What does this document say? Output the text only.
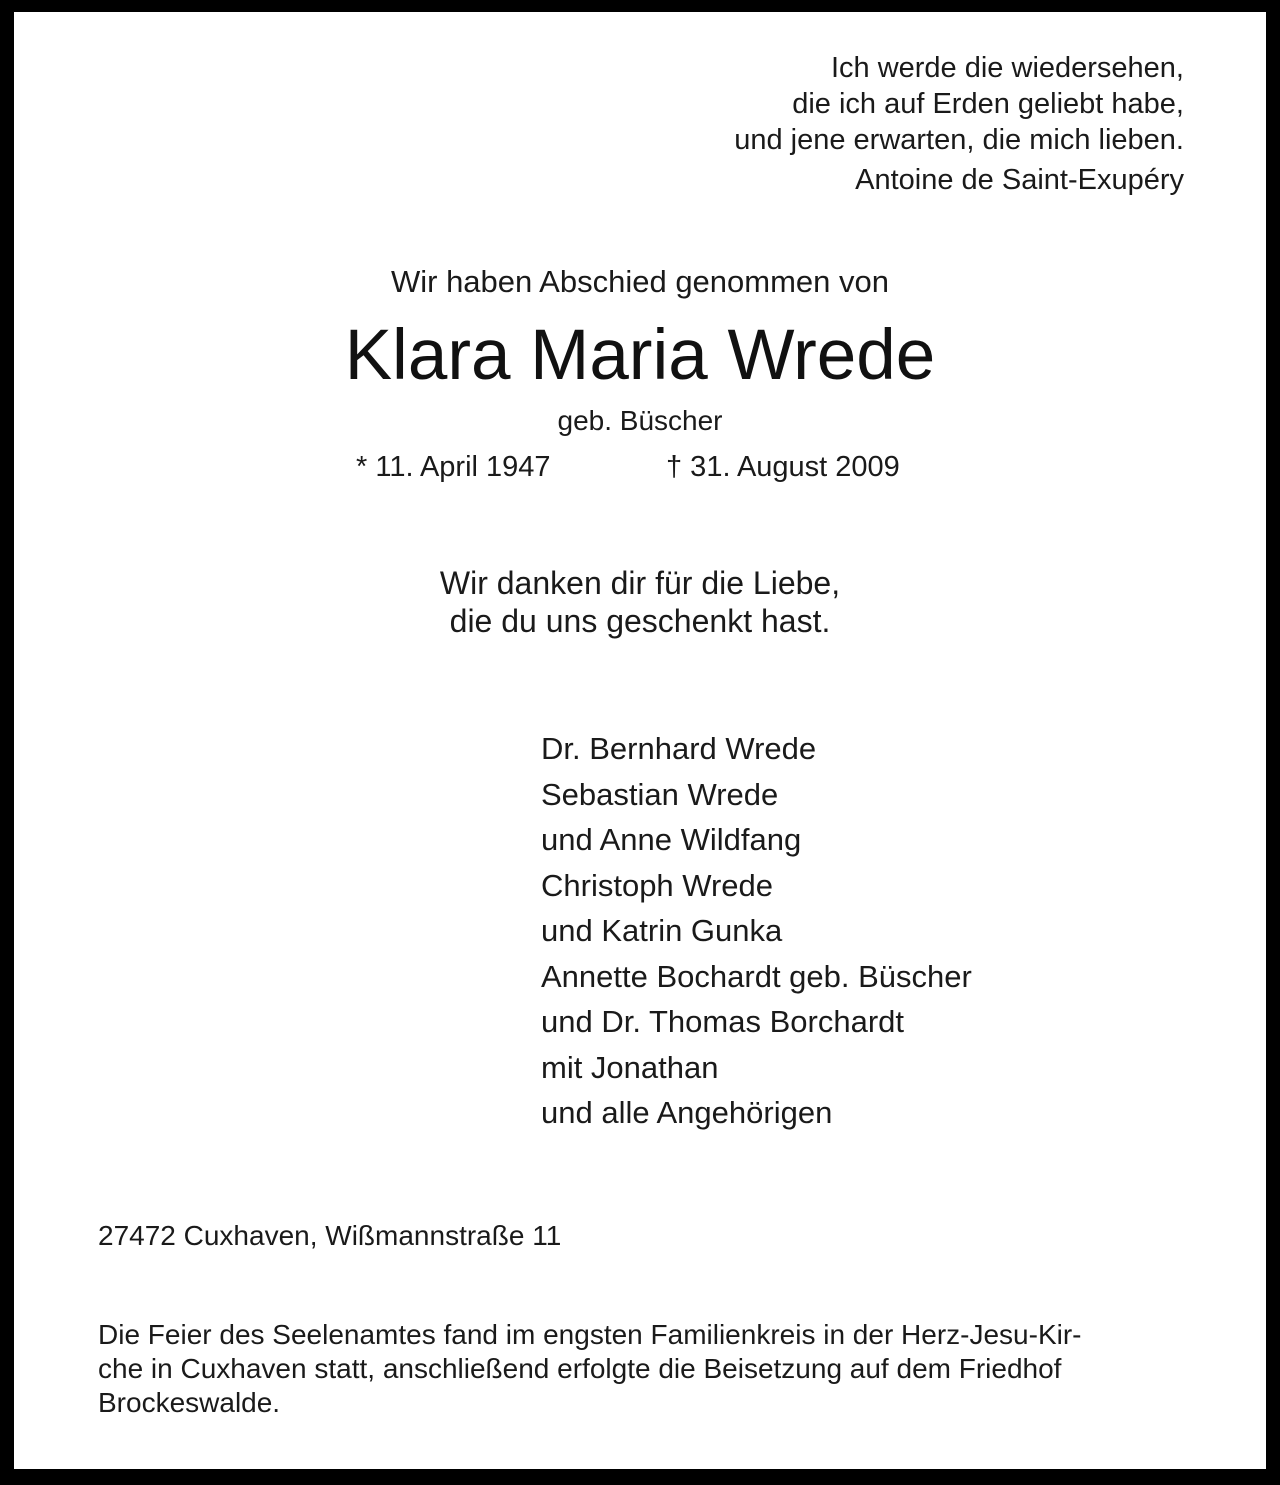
Ich werde die wiedersehen,
die ich auf Erden geliebt habe,
und jene erwarten, die mich lieben.
Antoine de Saint-Exupéry
Wir haben Abschied genommen von
Klara Maria Wrede
geb. Büscher
* 11. April 1947	† 31. August 2009
Wir danken dir für die Liebe,
die du uns geschenkt hast.
Dr. Bernhard Wrede
Sebastian Wrede
und Anne Wildfang
Christoph Wrede
und Katrin Gunka
Annette Bochardt geb. Büscher
und Dr. Thomas Borchardt
mit Jonathan
und alle Angehörigen
27472 Cuxhaven, Wißmannstraße 11
Die Feier des Seelenamtes fand im engsten Familienkreis in der Herz-Jesu-Kir-
che in Cuxhaven statt, anschließend erfolgte die Beisetzung auf dem Friedhof
Brockeswalde.
